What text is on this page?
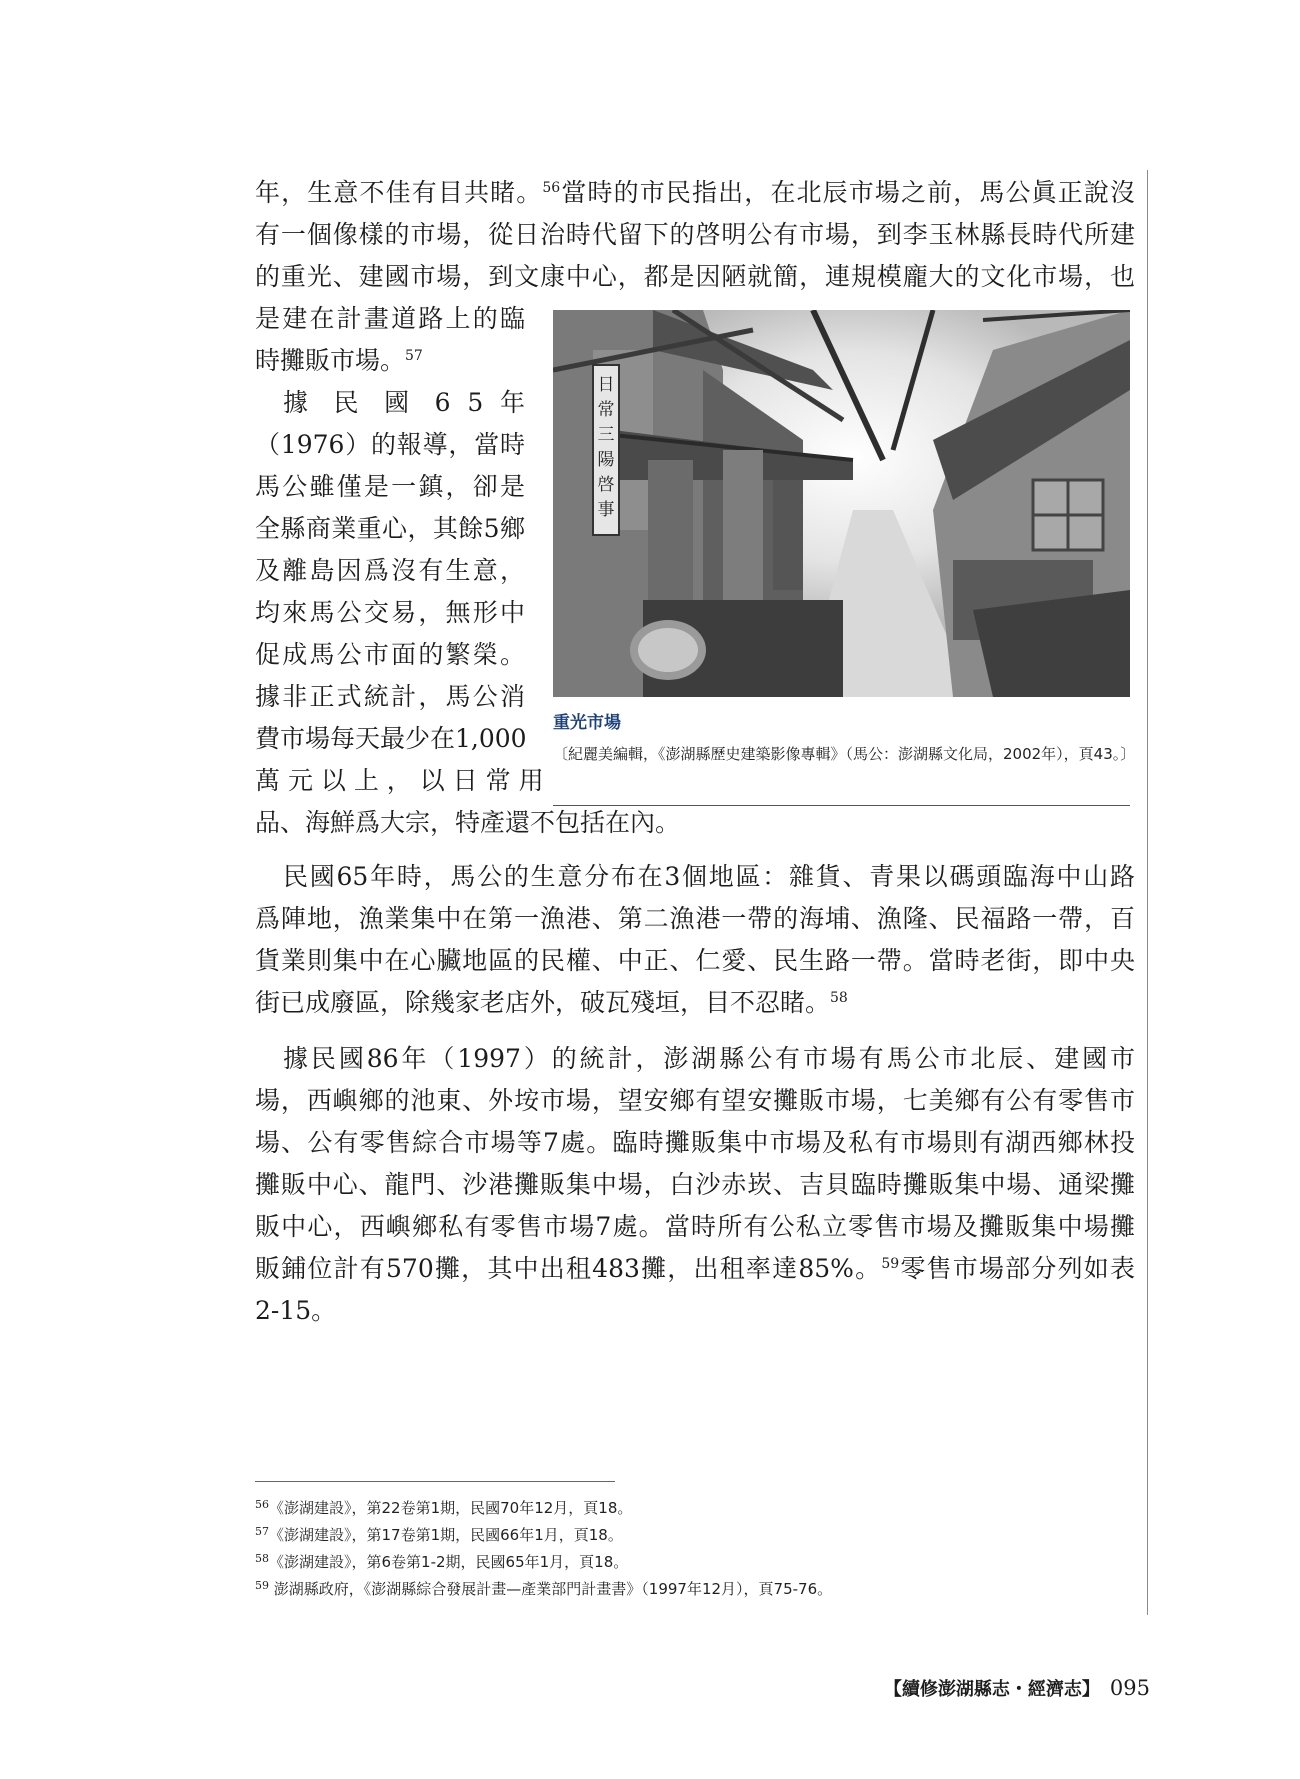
年，生意不佳有目共睹。$^{56}$當時的市民指出，在北辰市場之前，馬公眞正說沒
有一個像樣的市場，從日治時代留下的啓明公有市場，到李玉林縣長時代所建
的重光、建國市場，到文康中心，都是因陋就簡，連規模龐大的文化市場，也
是建在計畫道路上的臨
時攤販市場。$^{57}$
據 民 國 6 5 年
（1976）的報導，當時
馬公雖僅是一鎮，卻是
全縣商業重心，其餘5鄉
及離島因爲沒有生意，
均來馬公交易，無形中
促成馬公市面的繁榮。
據非正式統計，馬公消
費市場每天最少在1,000
萬 元 以 上 ， 以 日 常 用
品、海鮮爲大宗，特產還不包括在內。
民國65年時，馬公的生意分布在3個地區：雜貨、青果以碼頭臨海中山路
爲陣地，漁業集中在第一漁港、第二漁港一帶的海埔、漁隆、民福路一帶，百
貨業則集中在心臟地區的民權、中正、仁愛、民生路一帶。當時老街，即中央
街已成廢區，除幾家老店外，破瓦殘垣，目不忍睹。$^{58}$
據民國86年（1997）的統計，澎湖縣公有市場有馬公市北辰、建國市
場，西嶼鄉的池東、外垵市場，望安鄉有望安攤販市場，七美鄉有公有零售市
場、公有零售綜合市場等7處。臨時攤販集中市場及私有市場則有湖西鄉林投
攤販中心、龍門、沙港攤販集中場，白沙赤崁、吉貝臨時攤販集中場、通梁攤
販中心，西嶼鄉私有零售市場7處。當時所有公私立零售市場及攤販集中場攤
販鋪位計有570攤，其中出租483攤，出租率達85%。$^{59}$零售市場部分列如表
2-15。
日
常
三
陽
啓
事
重光市場
〔紀麗美編輯，《澎湖縣歷史建築影像專輯》（馬公：澎湖縣文化局，2002年），頁43。〕
$^{56}$《澎湖建設》，第22卷第1期，民國70年12月，頁18。
$^{57}$《澎湖建設》，第17卷第1期，民國66年1月，頁18。
$^{58}$《澎湖建設》，第6卷第1-2期，民國65年1月，頁18。
$^{59}$ 澎湖縣政府，《澎湖縣綜合發展計畫—產業部門計畫書》（1997年12月），頁75-76。
【續修澎湖縣志・經濟志】 095
